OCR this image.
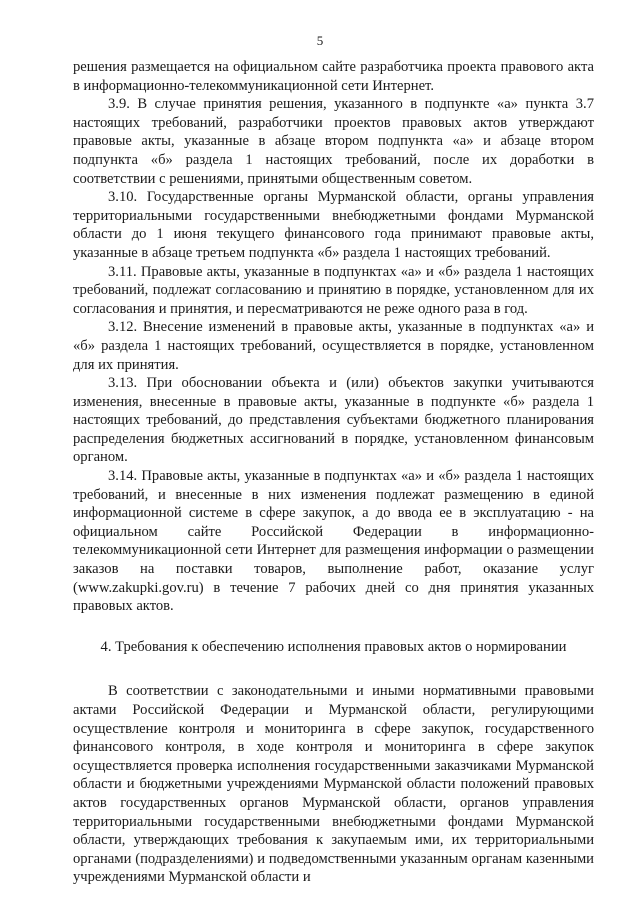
5

решения размещается на официальном сайте разработчика проекта правового акта в информационно-телекоммуникационной сети Интернет.

3.9. В случае принятия решения, указанного в подпункте «а» пункта 3.7 настоящих требований, разработчики проектов правовых актов утверждают правовые акты, указанные в абзаце втором подпункта «а» и абзаце втором подпункта «б» раздела 1 настоящих требований, после их доработки в соответствии с решениями, принятыми общественным советом.

3.10. Государственные органы Мурманской области, органы управления территориальными государственными внебюджетными фондами Мурманской области до 1 июня текущего финансового года принимают правовые акты, указанные в абзаце третьем подпункта «б» раздела 1 настоящих требований.

3.11. Правовые акты, указанные в подпунктах «а» и «б» раздела 1 настоящих требований, подлежат согласованию и принятию в порядке, установленном для их согласования и принятия, и пересматриваются не реже одного раза в год.

3.12. Внесение изменений в правовые акты, указанные в подпунктах «а» и «б» раздела 1 настоящих требований, осуществляется в порядке, установленном для их принятия.

3.13. При обосновании объекта и (или) объектов закупки учитываются изменения, внесенные в правовые акты, указанные в подпункте «б» раздела 1 настоящих требований, до представления субъектами бюджетного планирования распределения бюджетных ассигнований в порядке, установленном финансовым органом.

3.14. Правовые акты, указанные в подпунктах «а» и «б» раздела 1 настоящих требований, и внесенные в них изменения подлежат размещению в единой информационной системе в сфере закупок, а до ввода ее в эксплуатацию - на официальном сайте Российской Федерации в информационно-телекоммуникационной сети Интернет для размещения информации о размещении заказов на поставки товаров, выполнение работ, оказание услуг (www.zakupki.gov.ru) в течение 7 рабочих дней со дня принятия указанных правовых актов.

4. Требования к обеспечению исполнения правовых актов о нормировании

В соответствии с законодательными и иными нормативными правовыми актами Российской Федерации и Мурманской области, регулирующими осуществление контроля и мониторинга в сфере закупок, государственного финансового контроля, в ходе контроля и мониторинга в сфере закупок осуществляется проверка исполнения государственными заказчиками Мурманской области и бюджетными учреждениями Мурманской области положений правовых актов государственных органов Мурманской области, органов управления территориальными государственными внебюджетными фондами Мурманской области, утверждающих требования к закупаемым ими, их территориальными органами (подразделениями) и подведомственными указанным органам казенными учреждениями Мурманской области и
